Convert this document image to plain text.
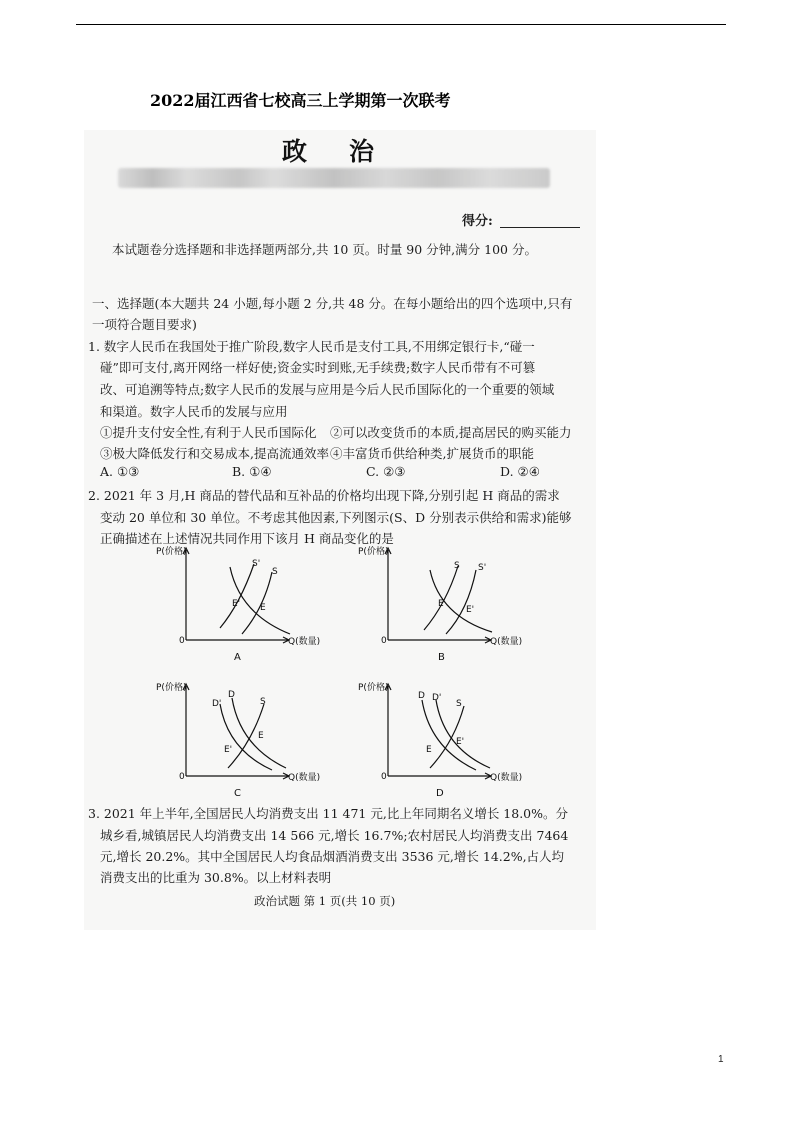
2022届江西省七校高三上学期第一次联考
政治
得分:
本试题卷分选择题和非选择题两部分,共 10 页。时量 90 分钟,满分 100 分。
一、选择题(本大题共 24 小题,每小题 2 分,共 48 分。在每小题给出的四个选项中,只有
一项符合题目要求)
1. 数字人民币在我国处于推广阶段,数字人民币是支付工具,不用绑定银行卡,“碰一
碰”即可支付,离开网络一样好使;资金实时到账,无手续费;数字人民币带有不可篡
改、可追溯等特点;数字人民币的发展与应用是今后人民币国际化的一个重要的领域
和渠道。数字人民币的发展与应用
①提升支付安全性,有利于人民币国际化 ②可以改变货币的本质,提高居民的购买能力
③极大降低发行和交易成本,提高流通效率 ④丰富货币供给种类,扩展货币的职能
A. ①③	B. ①④	C. ②③	D. ②④
2. 2021 年 3 月,H 商品的替代品和互补品的价格均出现下降,分别引起 H 商品的需求
变动 20 单位和 30 单位。不考虑其他因素,下列图示(S、D 分别表示供给和需求)能够
正确描述在上述情况共同作用下该月 H 商品变化的是
P(价格)
Q(数量)
0
S'
S
E' E
A
P(价格)
Q(数量)
0
S S'
E
E'
B
P(价格)
Q(数量)
0
D'
D
S
E
E'
C
P(价格)
Q(数量)
0
D D'
S
E
E'
D
3. 2021 年上半年,全国居民人均消费支出 11 471 元,比上年同期名义增长 18.0%。分
城乡看,城镇居民人均消费支出 14 566 元,增长 16.7%;农村居民人均消费支出 7464
元,增长 20.2%。其中全国居民人均食品烟酒消费支出 3536 元,增长 14.2%,占人均
消费支出的比重为 30.8%。以上材料表明
政治试题 第 1 页(共 10 页)
1
